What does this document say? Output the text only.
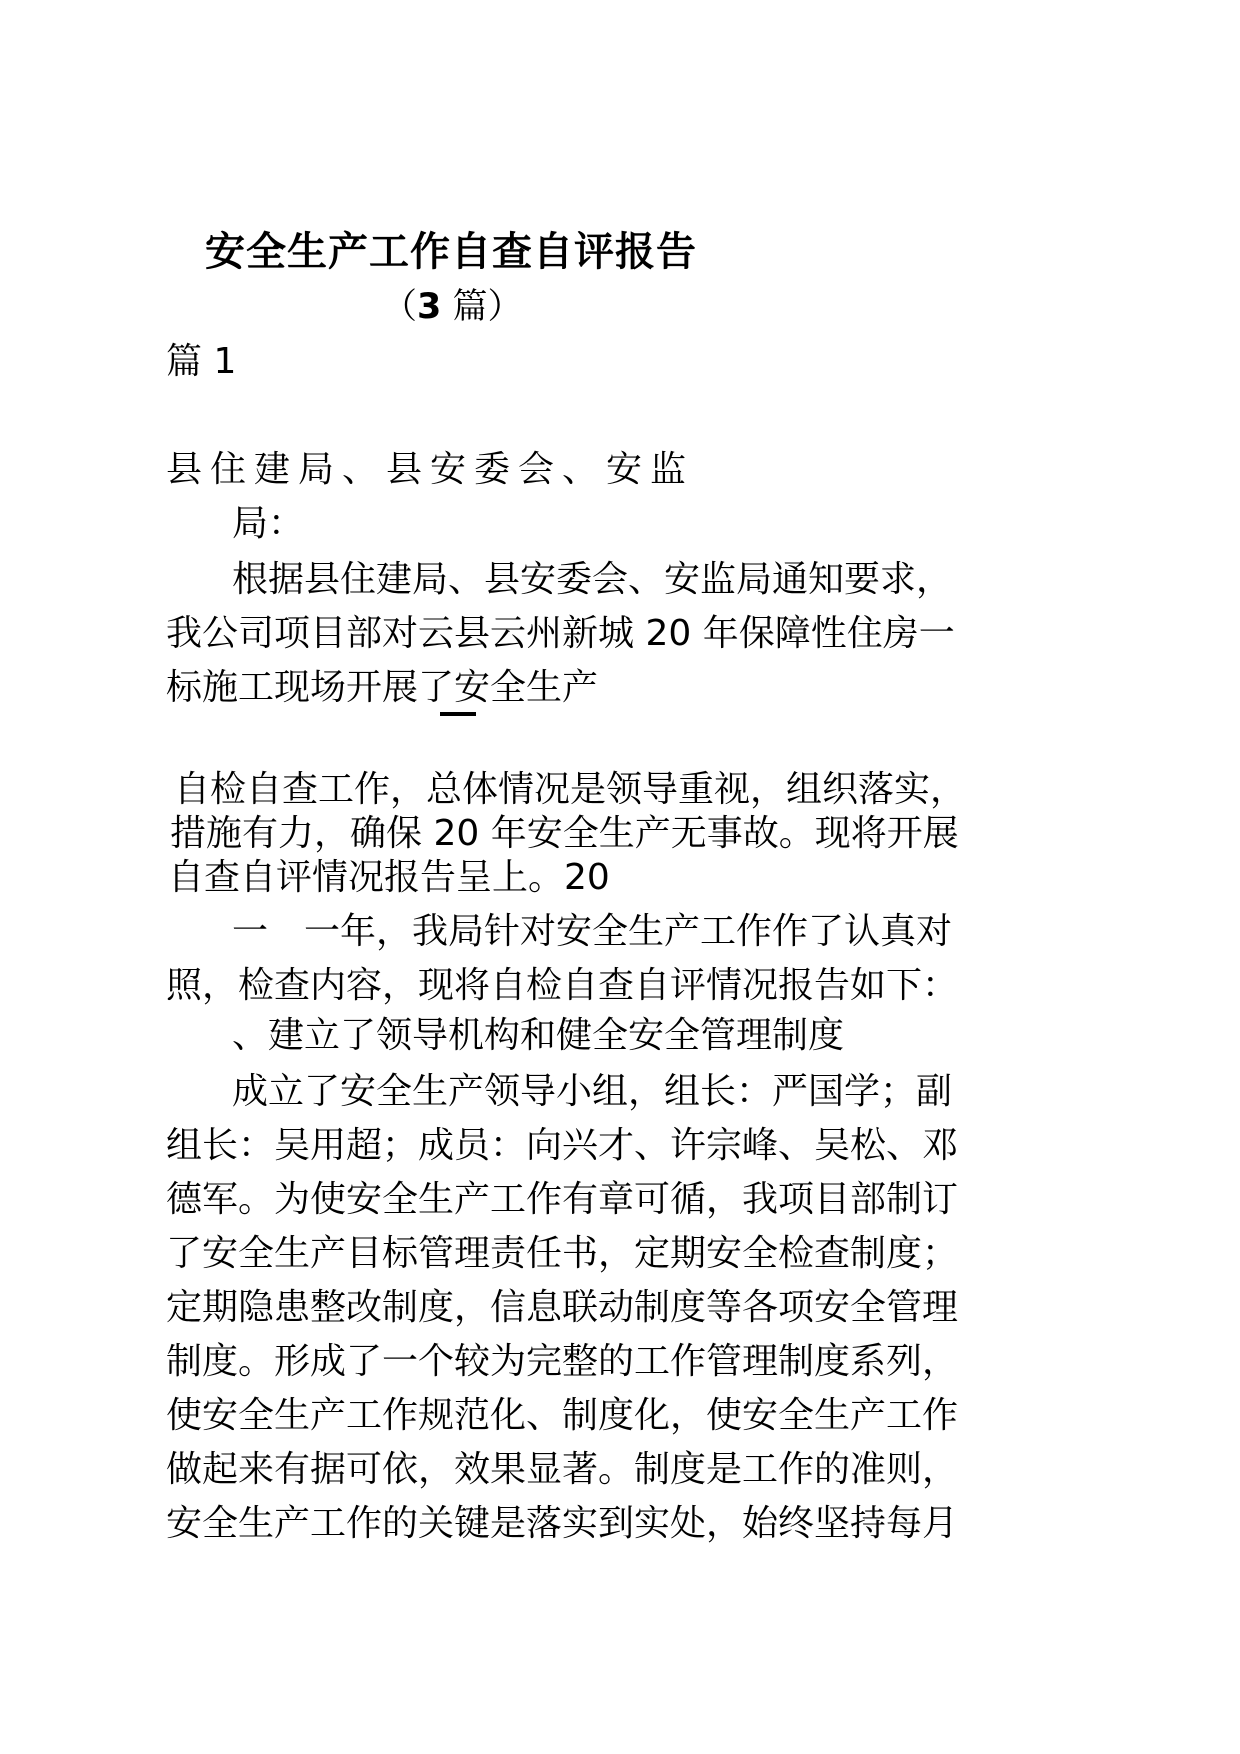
安全生产工作自查自评报告
（3 篇）
篇 1
县住建局、县安委会、安监
局：
根据县住建局、县安委会、安监局通知要求，
我公司项目部对云县云州新城 20 年保障性住房一
标施工现场开展了安全生产
自检自查工作，总体情况是领导重视，组织落实，
措施有力，确保 20 年安全生产无事故。现将开展
自查自评情况报告呈上。20
一　一年，我局针对安全生产工作作了认真对
照，检查内容，现将自检自查自评情况报告如下：
、建立了领导机构和健全安全管理制度
成立了安全生产领导小组，组长：严国学；副
组长：吴用超；成员：向兴才、许宗峰、吴松、邓
德军。为使安全生产工作有章可循，我项目部制订
了安全生产目标管理责任书，定期安全检查制度；
定期隐患整改制度，信息联动制度等各项安全管理
制度。形成了一个较为完整的工作管理制度系列，
使安全生产工作规范化、制度化，使安全生产工作
做起来有据可依，效果显著。制度是工作的准则，
安全生产工作的关键是落实到实处，始终坚持每月
